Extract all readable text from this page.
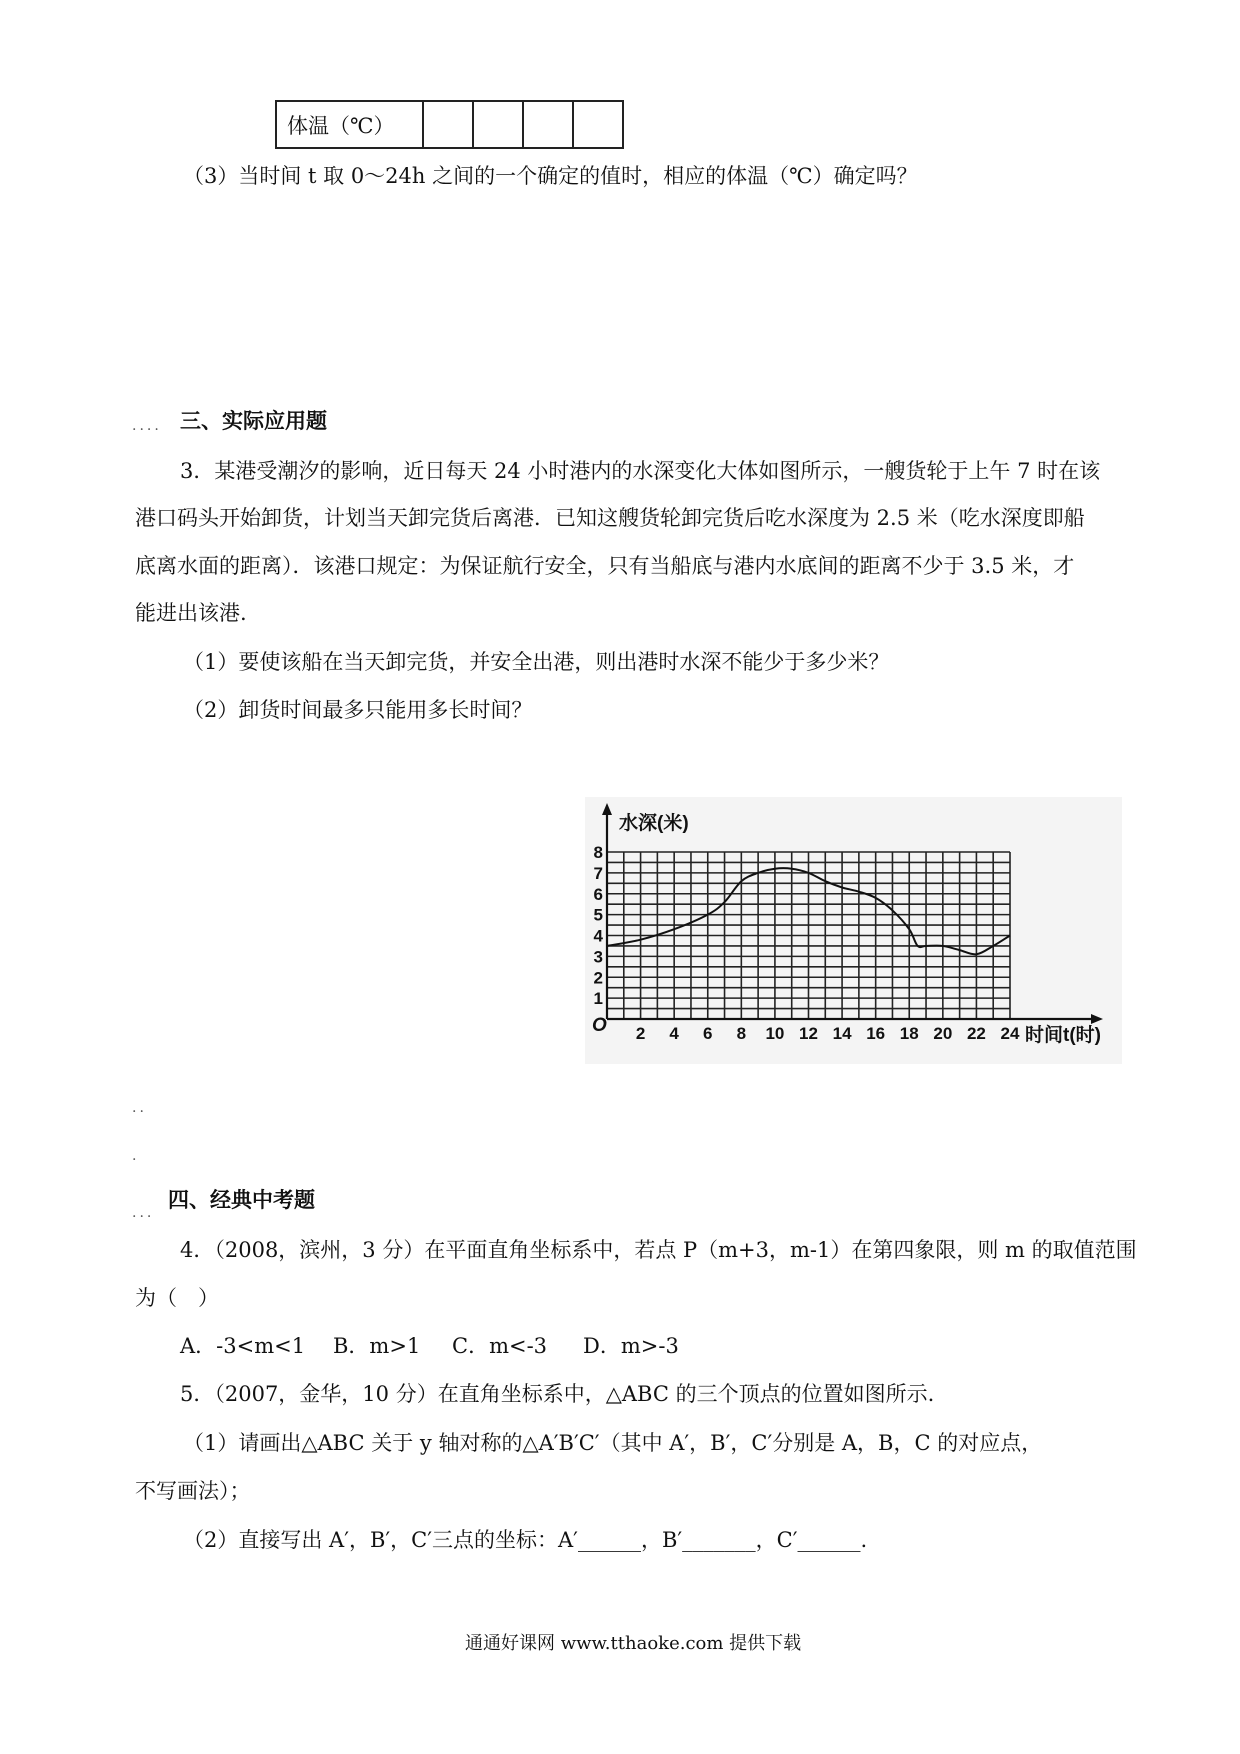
体温（℃）				
（3）当时间 t 取 0～24h 之间的一个确定的值时，相应的体温（℃）确定吗？
.... 三、实际应用题
3．某港受潮汐的影响，近日每天 24 小时港内的水深变化大体如图所示，一艘货轮于上午 7 时在该
港口码头开始卸货，计划当天卸完货后离港．已知这艘货轮卸完货后吃水深度为 2.5 米（吃水深度即船
底离水面的距离）．该港口规定：为保证航行安全，只有当船底与港内水底间的距离不少于 3.5 米，才
能进出该港.
（1）要使该船在当天卸完货，并安全出港，则出港时水深不能少于多少米？
（2）卸货时间最多只能用多长时间？
2 4 6 8 10 12 14 16 18 20 22 24
1
2
3
4
5
6
7
8
水深(米)
时间t(时)
O
..
.
...
四、经典中考题
4．（2008，滨州，3 分）在平面直角坐标系中，若点 P（m+3，m-1）在第四象限，则 m 的取值范围
为（　）
A．-3<m<1 B．m>1 C．m<-3 D．m>-3
5．（2007，金华，10 分）在直角坐标系中，△ABC 的三个顶点的位置如图所示.
（1）请画出△ABC 关于 y 轴对称的△A′B′C′（其中 A′，B′，C′分别是 A，B，C 的对应点，
不写画法）；
（2）直接写出 A′，B′，C′三点的坐标：A′______，B′_______，C′______.
通通好课网 www.tthaoke.com 提供下载
